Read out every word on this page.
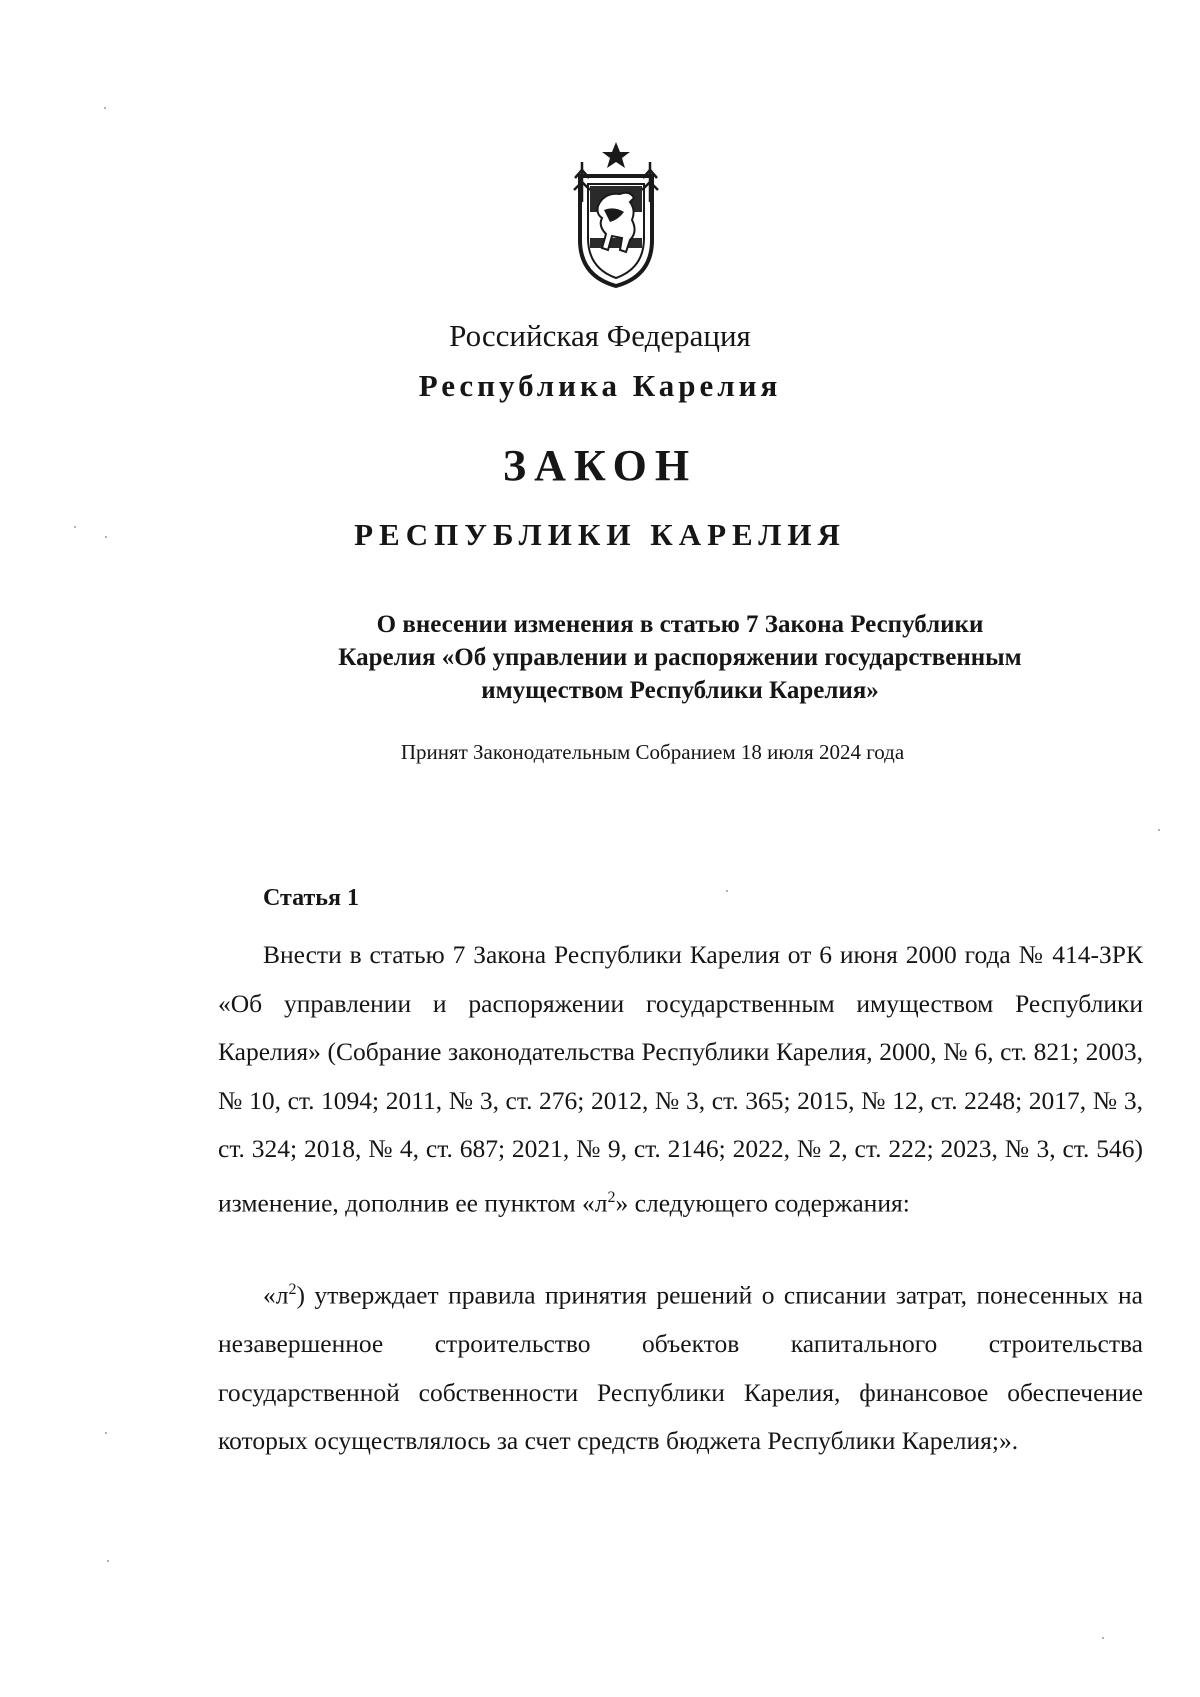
Российская Федерация
Республика Карелия
ЗАКОН
РЕСПУБЛИКИ КАРЕЛИЯ
О внесении изменения в статью 7 Закона Республики
Карелия «Об управлении и распоряжении государственным
имуществом Республики Карелия»
Принят Законодательным Собранием 18 июля 2024 года
Статья 1
Внести в статью 7 Закона Республики Карелия от 6 июня 2000 года № 414-ЗРК «Об управлении и распоряжении государственным имуществом Республики Карелия» (Собрание законодательства Республики Карелия, 2000, № 6, ст. 821; 2003, № 10, ст. 1094; 2011, № 3, ст. 276; 2012, № 3, ст. 365; 2015, № 12, ст. 2248; 2017, № 3, ст. 324; 2018, № 4, ст. 687; 2021, № 9, ст. 2146; 2022, № 2, ст. 222; 2023, № 3, ст. 546) изменение, дополнив ее пунктом «$л^2$» следующего содержания:
«$л^2$) утверждает правила принятия решений о списании затрат, понесенных на незавершенное строительство объектов капитального строительства государственной собственности Республики Карелия, финансовое обеспечение которых осуществлялось за счет средств бюджета Республики Карелия;».
